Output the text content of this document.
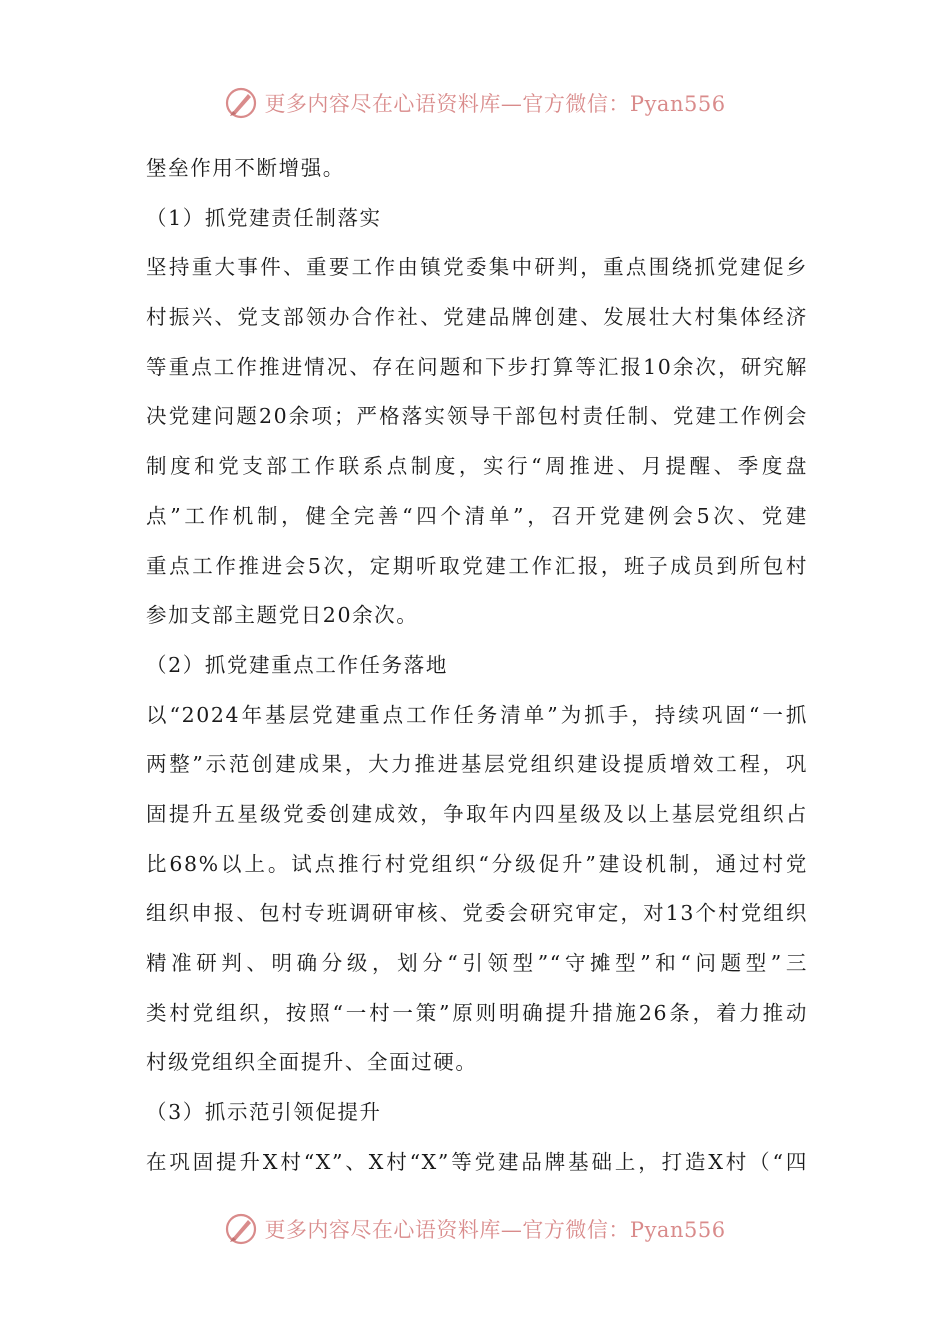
更多内容尽在心语资料库—官方微信：Pyan556
堡垒作用不断增强。
（1）抓党建责任制落实
坚持重大事件、重要工作由镇党委集中研判，重点围绕抓党建促乡
村振兴、党支部领办合作社、党建品牌创建、发展壮大村集体经济
等重点工作推进情况、存在问题和下步打算等汇报10余次，研究解
决党建问题20余项；严格落实领导干部包村责任制、党建工作例会
制度和党支部工作联系点制度，实行“周推进、月提醒、季度盘
点”工作机制，健全完善“四个清单”，召开党建例会5次、党建
重点工作推进会5次，定期听取党建工作汇报，班子成员到所包村
参加支部主题党日20余次。
（2）抓党建重点工作任务落地
以“2024年基层党建重点工作任务清单”为抓手，持续巩固“一抓
两整”示范创建成果，大力推进基层党组织建设提质增效工程，巩
固提升五星级党委创建成效，争取年内四星级及以上基层党组织占
比68%以上。试点推行村党组织“分级促升”建设机制，通过村党
组织申报、包村专班调研审核、党委会研究审定，对13个村党组织
精准研判、明确分级，划分“引领型”“守摊型”和“问题型”三
类村党组织，按照“一村一策”原则明确提升措施26条，着力推动
村级党组织全面提升、全面过硬。
（3）抓示范引领促提升
在巩固提升X村“X”、X村“X”等党建品牌基础上，打造X村（“四
更多内容尽在心语资料库—官方微信：Pyan556
